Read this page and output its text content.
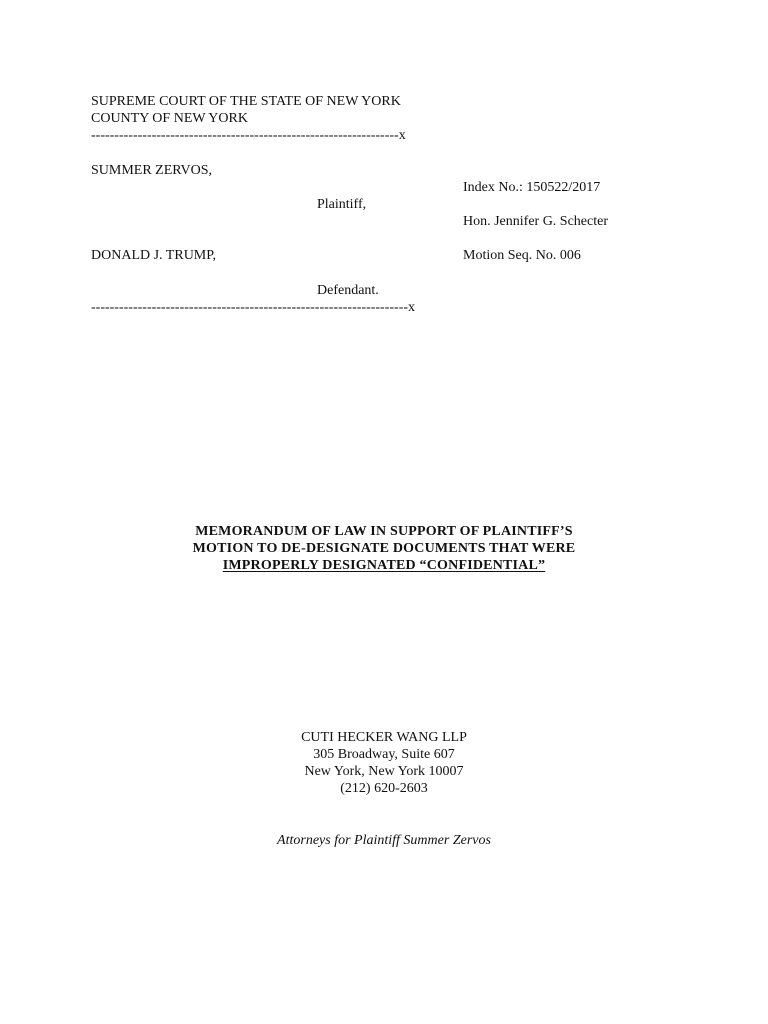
SUPREME COURT OF THE STATE OF NEW YORK
COUNTY OF NEW YORK
------------------------------------------------------------------x
SUMMER ZERVOS,
Index No.: 150522/2017
Plaintiff,
Hon. Jennifer G. Schecter
DONALD J. TRUMP,	Motion Seq. No. 006
Defendant.
--------------------------------------------------------------------x
MEMORANDUM OF LAW IN SUPPORT OF PLAINTIFF’S
MOTION TO DE-DESIGNATE DOCUMENTS THAT WERE
IMPROPERLY DESIGNATED “CONFIDENTIAL”
CUTI HECKER WANG LLP
305 Broadway, Suite 607
New York, New York 10007
(212) 620-2603
Attorneys for Plaintiff Summer Zervos
